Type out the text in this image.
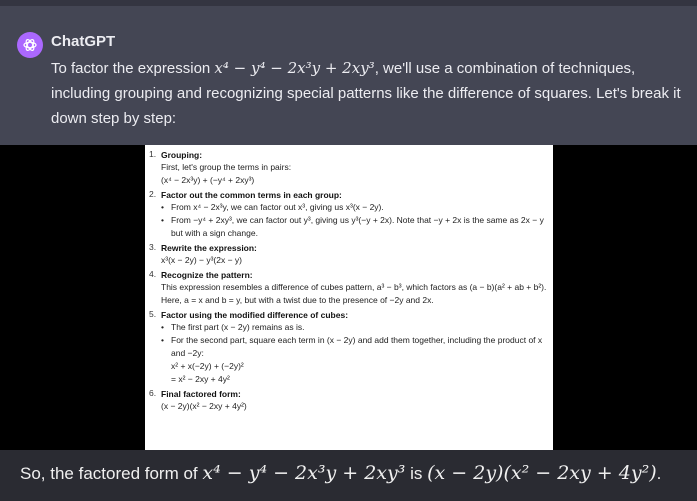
ChatGPT
To factor the expression x⁴ − y⁴ − 2x³y + 2xy³, we'll use a combination of techniques, including grouping and recognizing special patterns like the difference of squares. Let's break it down step by step:
1. Grouping:
First, let's group the terms in pairs:
(x⁴ − 2x³y) + (−y⁴ + 2xy³)
2. Factor out the common terms in each group:
• From x⁴ − 2x³y, we can factor out x³, giving us x³(x − 2y).
• From −y⁴ + 2xy³, we can factor out y³, giving us y³(−y + 2x). Note that −y + 2x is the same as 2x − y but with a sign change.
3. Rewrite the expression:
x³(x − 2y) − y³(2x − y)
4. Recognize the pattern:
This expression resembles a difference of cubes pattern, a³ − b³, which factors as (a − b)(a² + ab + b²). Here, a = x and b = y, but with a twist due to the presence of −2y and 2x.
5. Factor using the modified difference of cubes:
• The first part (x − 2y) remains as is.
• For the second part, square each term in (x − 2y) and add them together, including the product of x and −2y:
x² + x(−2y) + (−2y)²
= x² − 2xy + 4y²
6. Final factored form:
(x − 2y)(x² − 2xy + 4y²)
So, the factored form of x⁴ − y⁴ − 2x³y + 2xy³ is (x − 2y)(x² − 2xy + 4y²).
